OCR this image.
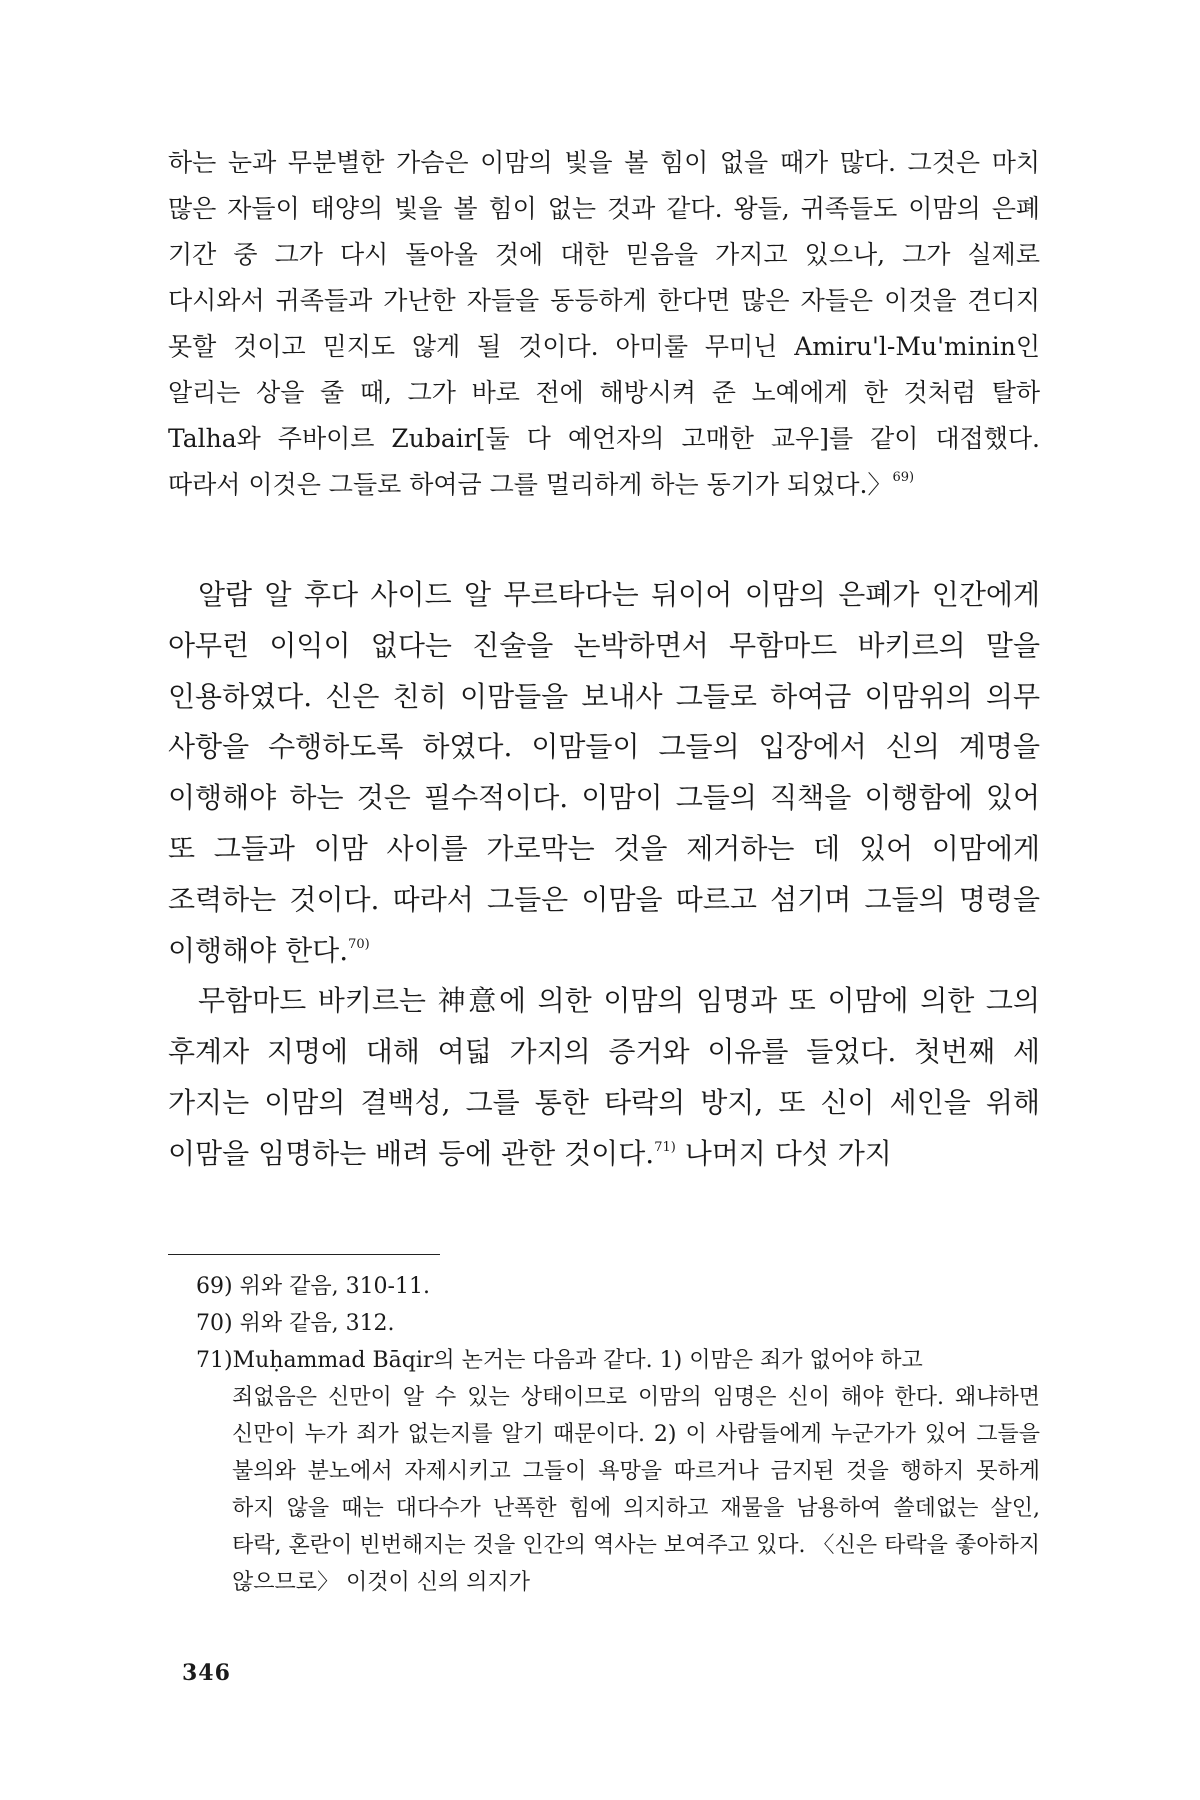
하는 눈과 무분별한 가슴은 이맘의 빛을 볼 힘이 없을 때가 많다. 그것은 마치 많은 자들이 태양의 빛을 볼 힘이 없는 것과 같다. 왕들, 귀족들도 이맘의 은폐 기간 중 그가 다시 돌아올 것에 대한 믿음을 가지고 있으나, 그가 실제로 다시와서 귀족들과 가난한 자들을 동등하게 한다면 많은 자들은 이것을 견디지 못할 것이고 믿지도 않게 될 것이다. 아미룰 무미닌 Amiru'l-Mu'minin인 알리는 상을 줄 때, 그가 바로 전에 해방시켜 준 노예에게 한 것처럼 탈하 Talha와 주바이르 Zubair[둘 다 예언자의 고매한 교우]를 같이 대접했다. 따라서 이것은 그들로 하여금 그를 멀리하게 하는 동기가 되었다.〉$^{69)}$

알람 알 후다 사이드 알 무르타다는 뒤이어 이맘의 은폐가 인간에게 아무런 이익이 없다는 진술을 논박하면서 무함마드 바키르의 말을 인용하였다. 신은 친히 이맘들을 보내사 그들로 하여금 이맘위의 의무 사항을 수행하도록 하였다. 이맘들이 그들의 입장에서 신의 계명을 이행해야 하는 것은 필수적이다. 이맘이 그들의 직책을 이행함에 있어 또 그들과 이맘 사이를 가로막는 것을 제거하는 데 있어 이맘에게 조력하는 것이다. 따라서 그들은 이맘을 따르고 섬기며 그들의 명령을 이행해야 한다.$^{70)}$

무함마드 바키르는 神意에 의한 이맘의 임명과 또 이맘에 의한 그의 후계자 지명에 대해 여덟 가지의 증거와 이유를 들었다. 첫번째 세 가지는 이맘의 결백성, 그를 통한 타락의 방지, 또 신이 세인을 위해 이맘을 임명하는 배려 등에 관한 것이다.$^{71)}$ 나머지 다섯 가지

69) 위와 같음, 310-11.

70) 위와 같음, 312.

71) Muḥammad Bāqir의 논거는 다음과 같다. 1) 이맘은 죄가 없어야 하고

죄없음은 신만이 알 수 있는 상태이므로 이맘의 임명은 신이 해야 한다. 왜냐하면 신만이 누가 죄가 없는지를 알기 때문이다. 2) 이 사람들에게 누군가가 있어 그들을 불의와 분노에서 자제시키고 그들이 욕망을 따르거나 금지된 것을 행하지 못하게 하지 않을 때는 대다수가 난폭한 힘에 의지하고 재물을 남용하여 쓸데없는 살인, 타락, 혼란이 빈번해지는 것을 인간의 역사는 보여주고 있다. 〈신은 타락을 좋아하지 않으므로〉 이것이 신의 의지가

346
